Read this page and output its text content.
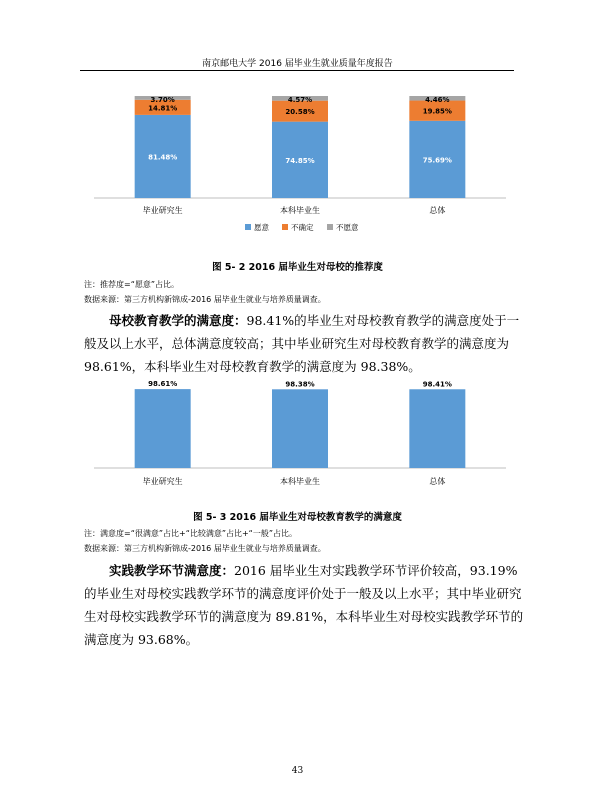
南京邮电大学 2016 届毕业生就业质量年度报告
81.48%
14.81%
3.70%
毕业研究生
74.85%
20.58%
4.57%
本科毕业生
75.69%
19.85%
4.46%
总体
愿意	不确定	不愿意
图 5- 2 2016 届毕业生对母校的推荐度
注：推荐度=“愿意”占比。
数据来源：第三方机构新锦成-2016 届毕业生就业与培养质量调查。
母校教育教学的满意度：98.41%的毕业生对母校教育教学的满意度处于一般及以上水平，总体满意度较高；其中毕业研究生对母校教育教学的满意度为 98.61%，本科毕业生对母校教育教学的满意度为 98.38%。
98.61%
毕业研究生
98.38%
本科毕业生
98.41%
总体
图 5- 3 2016 届毕业生对母校教育教学的满意度
注：满意度=“很满意”占比+“比较满意”占比+“一般”占比。
数据来源：第三方机构新锦成-2016 届毕业生就业与培养质量调查。
实践教学环节满意度：2016 届毕业生对实践教学环节评价较高，93.19%的毕业生对母校实践教学环节的满意度评价处于一般及以上水平；其中毕业研究生对母校实践教学环节的满意度为 89.81%，本科毕业生对母校实践教学环节的满意度为 93.68%。
43
